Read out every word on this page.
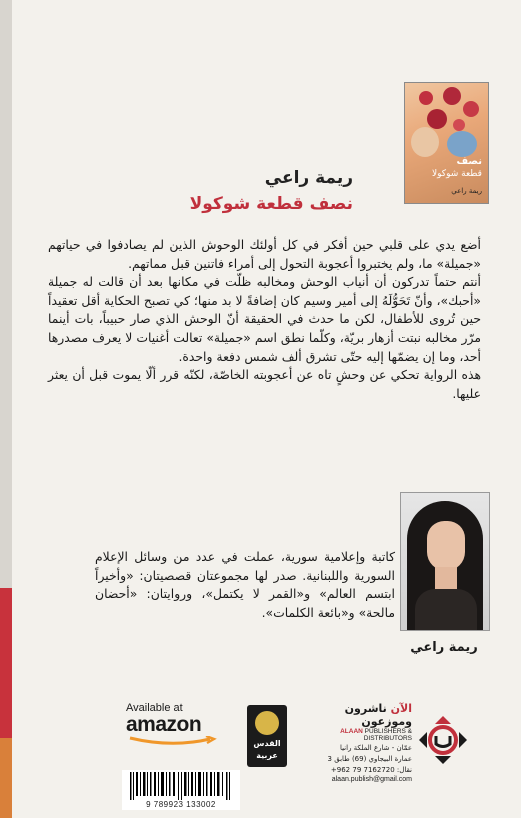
نصف
قطعة شوكولا
ريمة راعي
ريمة راعي
نصف قطعة شوكولا

أضع يدي على قلبي حين أفكر في كل أولئك الوحوش الذين لم يصادفوا في حياتهم «جميلة» ما، ولم يختبروا أعجوبة التحول إلى أمراء فاتنين قبل مماتهم.

أنتم حتماً تدركون أن أنياب الوحش ومخالبه ظلّت في مكانها بعد أن قالت له جميلة «أحبك»، وأنّ تَحَوُّلَهُ إلى أمير وسيم كان إضافةً لا بد منها؛ كي تصبح الحكاية أقل تعقيداً حين تُروى للأطفال، لكن ما حدث في الحقيقة أنّ الوحش الذي صار حبيباً، بات أينما مرّر مخالبه نبتت أزهار بريّة، وكلّما نطق اسم «جميلة» تعالت أغنيات لا يعرف مصدرها أحد، وما إن يضمّها إليه حتّى تشرق ألف شمس دفعة واحدة.

هذه الرواية تحكي عن وحشٍ تاه عن أعجوبته الخاصّة، لكنّه قرر ألّا يموت قبل أن يعثر عليها.

ريمة راعي
كاتبة وإعلامية سورية، عملت في عدد من وسائل الإعلام السورية واللبنانية. صدر لها مجموعتان قصصيتان: «وأخيراً ابتسم العالم» و«القمر لا يكتمل»، وروايتان: «أحضان مالحة» و«بائعة الكلمات».
Available at
amazon
القدس
عربية
الآن ناشرون وموزعون
ALAAN PUBLISHERS & DISTRIBUTORS
عمّان - شارع الملكة رانيا
عمارة البيجاوي (69) طابق 3
نقال: 7162720 79 962+
alaan.publish@gmail.com
9 789923 133002
